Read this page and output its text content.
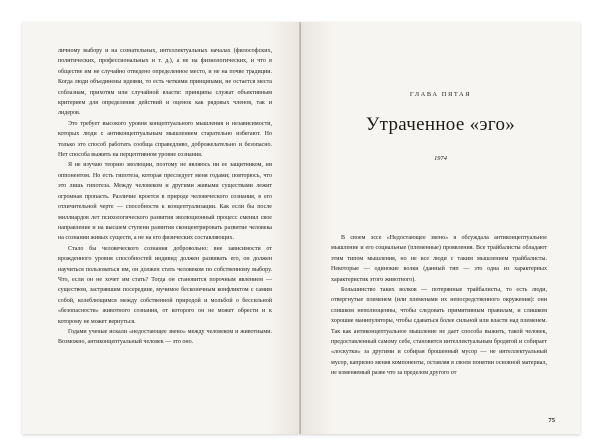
личному выбору и на сознательных, интеллектуальных началах (философских, политических, профессиональных и т. д.), а не на физиологических, и что в обществе им не случайно отведено определенное место, и не на почве традиции. Когда люди объединены идеями, то есть четкими принципами, не остается места соблазнам, прихотям или случайной власти: принципы служат объективным критерием для определения действий и оценок как рядовых членов, так и лидеров.

Это требует высокого уровня концептуального мышления и независимости, которых люди с антиконцептуальным мышлением старательно избегают. Но только это способ работать сообща справедливо, доброжелательно и безопасно. Нет способа выжить на перцептивном уровне сознания.

Я не изучаю теорию эволюции, поэтому не являюсь ни ее защитником, ни оппонентом. Но есть гипотеза, которая преследует меня годами; повторюсь, что это лишь гипотеза. Между человеком и другими живыми существами лежит огромная пропасть. Различие кроется в природе человеческого сознания, в его отличительной черте — способности к концептуализации. Как если бы после миллиардов лет психологического развития эволюционный процесс сменил свое направление и на высшем ступени развития сконцентрировать развитие человека на сознании живых существ, а не на его физических составляющих.

Стало бы человеческого сознания добровольно: вне зависимости от врожденного уровня способностей индивид должен развивать его, он должен научиться пользоваться им, он должен стать человеком по собственному выбору. Что, если он не хочет им стать? Тогда он становится порочным явлением — существом, застрявшим посередине, мучимое бесконечным конфликтом с самим собой, колеблющимся между собственной природой и мольбой о бессильной «безопасности» животного сознания, от которого он не может обрести и к которому не может вернуться.

Годами ученые искали «недостающее звено» между человеком и животными. Возможно, антиконцептуальный человек — это оно.

ГЛАВА ПЯТАЯ
Утраченное «эго»
1974

В своем эссе «Недостающее звено» я обсуждала антиконцептуальное мышление и его социальные (племенные) проявления. Все трайбалисты обладают этим типом мышления, но не все люди с таким мышлением трайбалисты. Некоторые — одинокие волки (данный тип — это одна из характерных характеристик этого животного).

Большинство таких волков — потерянные трайбалисты, то есть люди, отвергнутые племенем (или племенами их непосредственного окружения): они слишком неполноценны, чтобы следовать примитивным правилам, и слишком хорошие манипуляторы, чтобы сдаваться более сильной или власти над племенем. Так как антиконцептуальное мышление не дает способа выжить, такой человек, предоставленный самому себе, становится интеллектуальным бродягой и собирает «лоскутки» за другими и собирая брошенный мусор — не интеллектуальный мусор, капризно меняя компоненты, оставляя в своем понятии основной материал, не изменяемый разве что за пределом другого от

75
